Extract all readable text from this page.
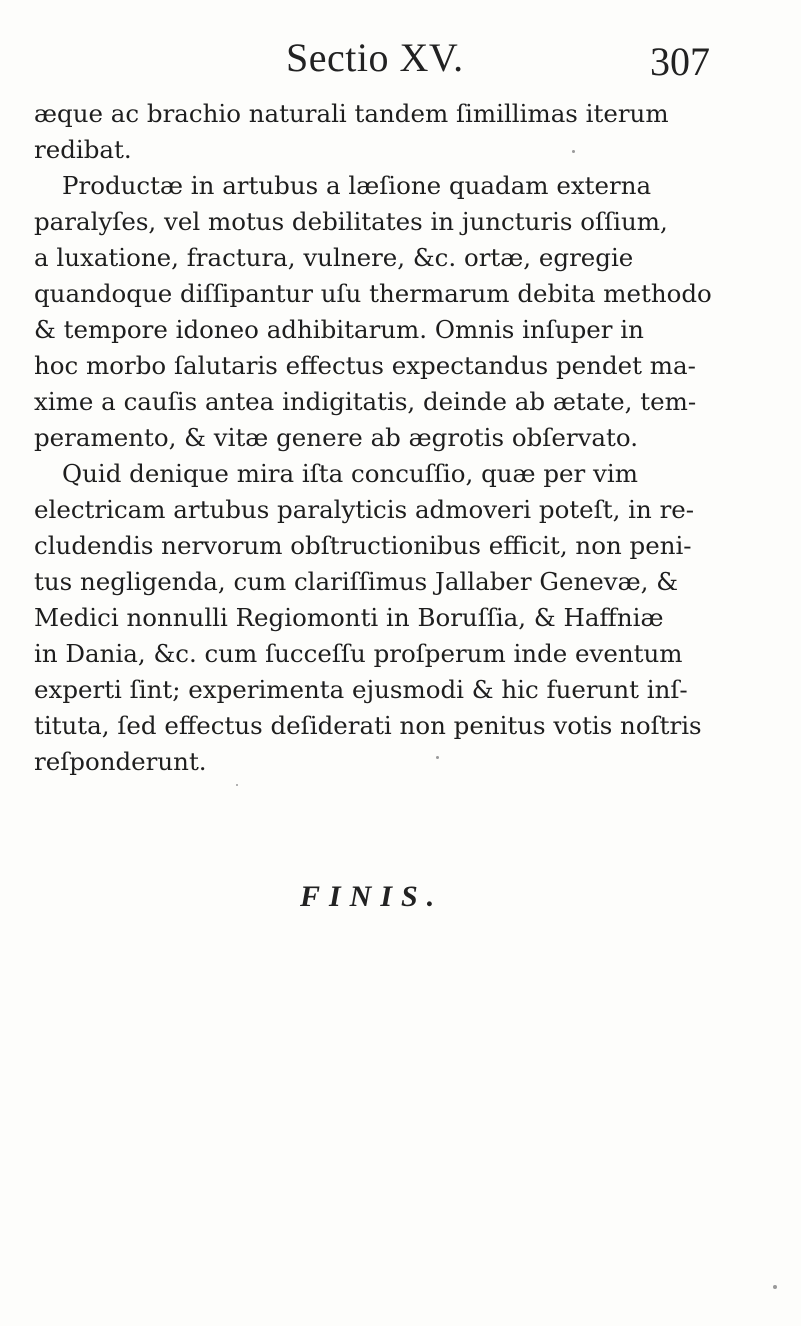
Sectio XV.	307
æque ac brachio naturali tandem ſimillimas iterum
redibat.
Productæ in artubus a læſione quadam externa
paralyſes, vel motus debilitates in juncturis oſſium,
a luxatione, fractura, vulnere, &c. ortæ, egregie
quandoque diſſipantur uſu thermarum debita methodo
& tempore idoneo adhibitarum. Omnis inſuper in
hoc morbo ſalutaris effectus expectandus pendet ma-
xime a cauſis antea indigitatis, deinde ab ætate, tem-
peramento, & vitæ genere ab ægrotis obſervato.
Quid denique mira iſta concuſſio, quæ per vim
electricam artubus paralyticis admoveri poteſt, in re-
cludendis nervorum obſtructionibus efficit, non peni-
tus negligenda, cum clariſſimus Jallaber Genevæ, &
Medici nonnulli Regiomonti in Boruſſia, & Haffniæ
in Dania, &c. cum ſucceſſu proſperum inde eventum
experti ſint; experimenta ejusmodi & hic fuerunt inſ-
tituta, ſed effectus deſiderati non penitus votis noſtris
reſponderunt.
FINIS.
